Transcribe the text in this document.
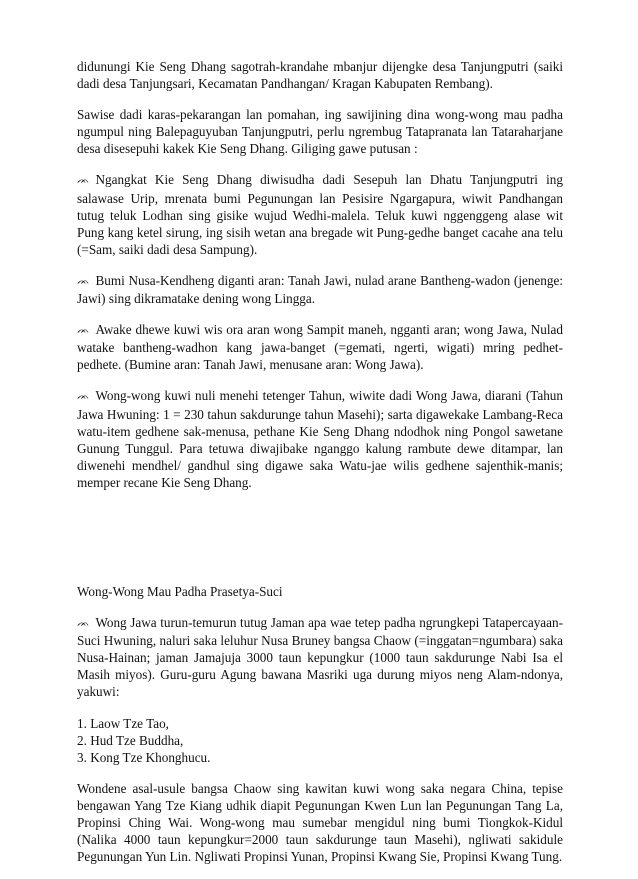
didunungi Kie Seng Dhang sagotrah-krandahe mbanjur dijengke desa Tanjungputri (saiki dadi desa Tanjungsari, Kecamatan Pandhangan/ Kragan Kabupaten Rembang).

Sawise dadi karas-pekarangan lan pomahan, ing sawijining dina wong-wong mau padha ngumpul ning Balepaguyuban Tanjungputri, perlu ngrembug Tatapranata lan Tataraharjane desa disesepuhi kakek Kie Seng Dhang. Giliging gawe putusan :

ᨏ Ngangkat Kie Seng Dhang diwisudha dadi Sesepuh lan Dhatu Tanjungputri ing salawase Urip, mrenata bumi Pegunungan lan Pesisire Ngargapura, wiwit Pandhangan tutug teluk Lodhan sing gisike wujud Wedhi-malela. Teluk kuwi nggenggeng alase wit Pung kang ketel sirung, ing sisih wetan ana bregade wit Pung-gedhe banget cacahe ana telu (=Sam, saiki dadi desa Sampung).

ᨏ Bumi Nusa-Kendheng diganti aran: Tanah Jawi, nulad arane Bantheng-wadon (jenenge: Jawi) sing dikramatake dening wong Lingga.

ᨏ Awake dhewe kuwi wis ora aran wong Sampit maneh, ngganti aran; wong Jawa, Nulad watake bantheng-wadhon kang jawa-banget (=gemati, ngerti, wigati) mring pedhet-pedhete. (Bumine aran: Tanah Jawi, menusane aran: Wong Jawa).

ᨏ Wong-wong kuwi nuli menehi tetenger Tahun, wiwite dadi Wong Jawa, diarani (Tahun Jawa Hwuning: 1 = 230 tahun sakdurunge tahun Masehi); sarta digawekake Lambang-Reca watu-item gedhene sak-menusa, pethane Kie Seng Dhang ndodhok ning Pongol sawetane Gunung Tunggul. Para tetuwa diwajibake nganggo kalung rambute dewe ditampar, lan diwenehi mendhel/ gandhul sing digawe saka Watu-jae wilis gedhene sajenthik-manis; memper recane Kie Seng Dhang.

Wong-Wong Mau Padha Prasetya-Suci

ᨏ Wong Jawa turun-temurun tutug Jaman apa wae tetep padha ngrungkepi Tatapercayaan-Suci Hwuning, naluri saka leluhur Nusa Bruney bangsa Chaow (=inggatan=ngumbara) saka Nusa-Hainan; jaman Jamajuja 3000 taun kepungkur (1000 taun sakdurunge Nabi Isa el Masih miyos). Guru-guru Agung bawana Masriki uga durung miyos neng Alam-ndonya, yakuwi:

1. Laow Tze Tao,
2. Hud Tze Buddha,
3. Kong Tze Khonghucu.

Wondene asal-usule bangsa Chaow sing kawitan kuwi wong saka negara China, tepise bengawan Yang Tze Kiang udhik diapit Pegunungan Kwen Lun lan Pegunungan Tang La, Propinsi Ching Wai. Wong-wong mau sumebar mengidul ning bumi Tiongkok-Kidul (Nalika 4000 taun kepungkur=2000 taun sakdurunge taun Masehi), ngliwati sakidule Pegunungan Yun Lin. Ngliwati Propinsi Yunan, Propinsi Kwang Sie, Propinsi Kwang Tung.
